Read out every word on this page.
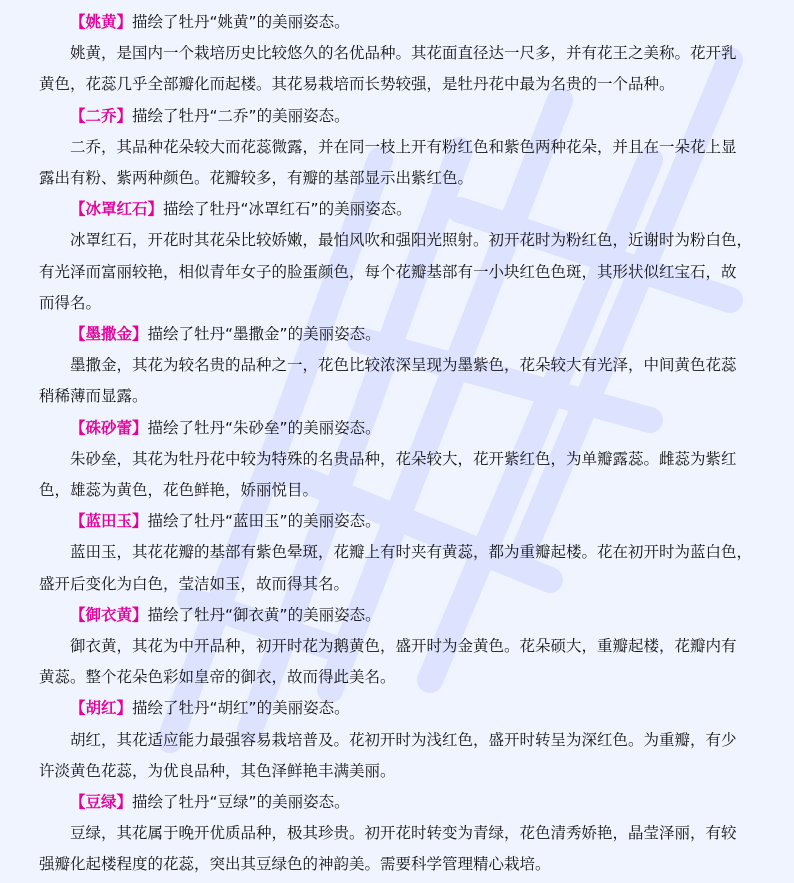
【姚黄】描绘了牡丹“姚黄”的美丽姿态。
姚黄，是国内一个栽培历史比较悠久的名优品种。其花面直径达一尺多，并有花王之美称。花开乳
黄色，花蕊几乎全部瓣化而起楼。其花易栽培而长势较强，是牡丹花中最为名贵的一个品种。
【二乔】描绘了牡丹“二乔”的美丽姿态。
二乔，其品种花朵较大而花蕊微露，并在同一枝上开有粉红色和紫色两种花朵，并且在一朵花上显
露出有粉、紫两种颜色。花瓣较多，有瓣的基部显示出紫红色。
【冰罩红石】描绘了牡丹“冰罩红石”的美丽姿态。
冰罩红石，开花时其花朵比较娇嫩，最怕风吹和强阳光照射。初开花时为粉红色，近谢时为粉白色，
有光泽而富丽较艳，相似青年女子的脸蛋颜色，每个花瓣基部有一小块红色色斑，其形状似红宝石，故
而得名。
【墨撒金】描绘了牡丹“墨撒金”的美丽姿态。
墨撒金，其花为较名贵的品种之一，花色比较浓深呈现为墨紫色，花朵较大有光泽，中间黄色花蕊
稍稀薄而显露。
【硃砂蕾】描绘了牡丹“朱砂垒”的美丽姿态。
朱砂垒，其花为牡丹花中较为特殊的名贵品种，花朵较大，花开紫红色，为单瓣露蕊。雌蕊为紫红
色，雄蕊为黄色，花色鲜艳，娇丽悦目。
【蓝田玉】描绘了牡丹“蓝田玉”的美丽姿态。
蓝田玉，其花花瓣的基部有紫色晕斑，花瓣上有时夹有黄蕊，都为重瓣起楼。花在初开时为蓝白色，
盛开后变化为白色，莹洁如玉，故而得其名。
【御衣黄】描绘了牡丹“御衣黄”的美丽姿态。
御衣黄，其花为中开品种，初开时花为鹅黄色，盛开时为金黄色。花朵硕大，重瓣起楼，花瓣内有
黄蕊。整个花朵色彩如皇帝的御衣，故而得此美名。
【胡红】描绘了牡丹“胡红”的美丽姿态。
胡红，其花适应能力最强容易栽培普及。花初开时为浅红色，盛开时转呈为深红色。为重瓣，有少
许淡黄色花蕊，为优良品种，其色泽鲜艳丰满美丽。
【豆绿】描绘了牡丹“豆绿”的美丽姿态。
豆绿，其花属于晚开优质品种，极其珍贵。初开花时转变为青绿，花色清秀娇艳，晶莹泽丽，有较
强瓣化起楼程度的花蕊，突出其豆绿色的神韵美。需要科学管理精心栽培。
